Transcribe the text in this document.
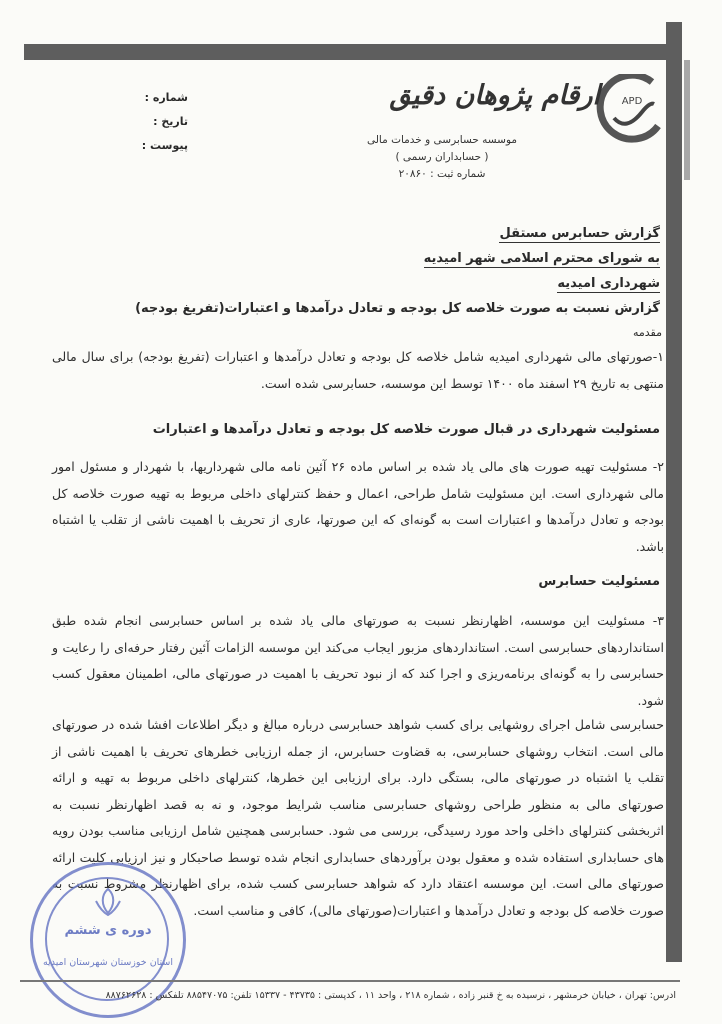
APD
ارقام پژوهان دقیق
موسسه حسابرسی و خدمات مالی
( حسابداران رسمی )
شماره ثبت : ۲۰۸۶۰
شماره :
تاریخ :
پیوست :
گزارش حسابرس مستقل
به شورای محترم اسلامی شهر امیدیه
شهرداری امیدیه
گزارش نسبت به صورت خلاصه کل بودجه و تعادل درآمدها و اعتبارات(تفریغ بودجه)
مقدمه
۱-صورتهای مالی شهرداری امیدیه شامل خلاصه کل بودجه و تعادل درآمدها و اعتبارات (تفریغ بودجه) برای سال مالی منتهی به تاریخ ۲۹ اسفند ماه ۱۴۰۰ توسط این موسسه، حسابرسی شده است.
مسئولیت شهرداری در قبال صورت خلاصه کل بودجه و تعادل درآمدها و اعتبارات
۲- مسئولیت تهیه صورت های مالی یاد شده بر اساس ماده ۲۶ آئین نامه مالی شهرداریها، با شهردار و مسئول امور مالی شهرداری است. این مسئولیت شامل طراحی، اعمال و حفظ کنترلهای داخلی مربوط به تهیه صورت خلاصه کل بودجه و تعادل درآمدها و اعتبارات است به گونه‌ای که این صورتها، عاری از تحریف با اهمیت ناشی از تقلب یا اشتباه باشد.
مسئولیت حسابرس
۳- مسئولیت این موسسه، اظهارنظر نسبت به صورتهای مالی یاد شده بر اساس حسابرسی انجام شده طبق استانداردهای حسابرسی است. استانداردهای مزبور ایجاب می‌کند این موسسه الزامات آئین رفتار حرفه‌ای را رعایت و حسابرسی را به گونه‌ای برنامه‌ریزی و اجرا کند که از نبود تحریف با اهمیت در صورتهای مالی، اطمینان معقول کسب شود.
حسابرسی شامل اجرای روشهایی برای کسب شواهد حسابرسی درباره مبالغ و دیگر اطلاعات افشا شده در صورتهای مالی است. انتخاب روشهای حسابرسی، به قضاوت حسابرس، از جمله ارزیابی خطرهای تحریف با اهمیت ناشی از تقلب یا اشتباه در صورتهای مالی، بستگی دارد. برای ارزیابی این خطرها، کنترلهای داخلی مربوط به تهیه و ارائه صورتهای مالی به منظور طراحی روشهای حسابرسی مناسب شرایط موجود، و نه به قصد اظهارنظر نسبت به اثربخشی کنترلهای داخلی واحد مورد رسیدگی، بررسی می شود. حسابرسی همچنین شامل ارزیابی مناسب بودن رویه های حسابداری استفاده شده و معقول بودن برآوردهای حسابداری انجام شده توسط صاحبکار و نیز ارزیابی کلیت ارائه صورتهای مالی است. این موسسه اعتقاد دارد که شواهد حسابرسی کسب شده، برای اظهارنظر مشروط نسبت به صورت خلاصه کل بودجه و تعادل درآمدها و اعتبارات(صورتهای مالی)، کافی و مناسب است.
دوره ی ششم
استان خوزستان شهرستان امیدیه
آدرس: تهران ، خیابان خرمشهر ، نرسیده به خ قنبر زاده ، شماره ۲۱۸ ، واحد ۱۱ ، کدپستی : ۴۳۷۳۵ - ۱۵۳۳۷ تلفن: ۸۸۵۴۷۰۷۵ تلفکس : ۸۸۷۶۲۶۲۸
